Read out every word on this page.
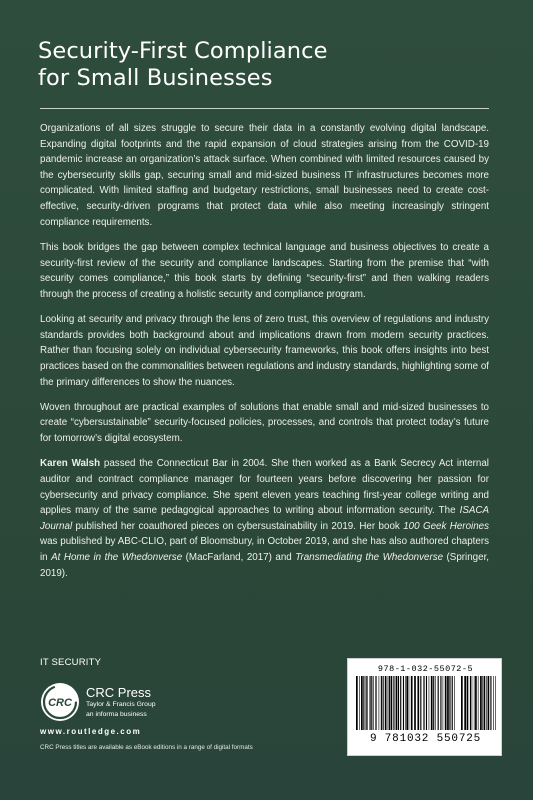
Security-First Compliance
for Small Businesses

Organizations of all sizes struggle to secure their data in a constantly evolving digital landscape. Expanding digital footprints and the rapid expansion of cloud strategies arising from the COVID-19 pandemic increase an organization’s attack surface. When combined with limited resources caused by the cybersecurity skills gap, securing small and mid-sized business IT infrastructures becomes more complicated. With limited staffing and budgetary restrictions, small businesses need to create cost-effective, security-driven programs that protect data while also meeting increasingly stringent compliance requirements.

This book bridges the gap between complex technical language and business objectives to create a security-first review of the security and compliance landscapes. Starting from the premise that “with security comes compliance,” this book starts by defining “security-first” and then walking readers through the process of creating a holistic security and compliance program.

Looking at security and privacy through the lens of zero trust, this overview of regulations and industry standards provides both background about and implications drawn from modern security practices. Rather than focusing solely on individual cybersecurity frameworks, this book offers insights into best practices based on the commonalities between regulations and industry standards, highlighting some of the primary differences to show the nuances.

Woven throughout are practical examples of solutions that enable small and mid-sized businesses to create “cybersustainable” security-focused policies, processes, and controls that protect today’s future for tomorrow’s digital ecosystem.

Karen Walsh passed the Connecticut Bar in 2004. She then worked as a Bank Secrecy Act internal auditor and contract compliance manager for fourteen years before discovering her passion for cybersecurity and privacy compliance. She spent eleven years teaching first-year college writing and applies many of the same pedagogical approaches to writing about information security. The ISACA Journal published her coauthored pieces on cybersustainability in 2019. Her book 100 Geek Heroines was published by ABC-CLIO, part of Bloomsbury, in October 2019, and she has also authored chapters in At Home in the Whedonverse (MacFarland, 2017) and Transmediating the Whedonverse (Springer, 2019).

IT SECURITY
CRC
CRC Press
Taylor & Francis Group
an informa business
www.routledge.com
CRC Press titles are available as eBook editions in a range of digital formats
978-1-032-55072-5
9 781032 550725
